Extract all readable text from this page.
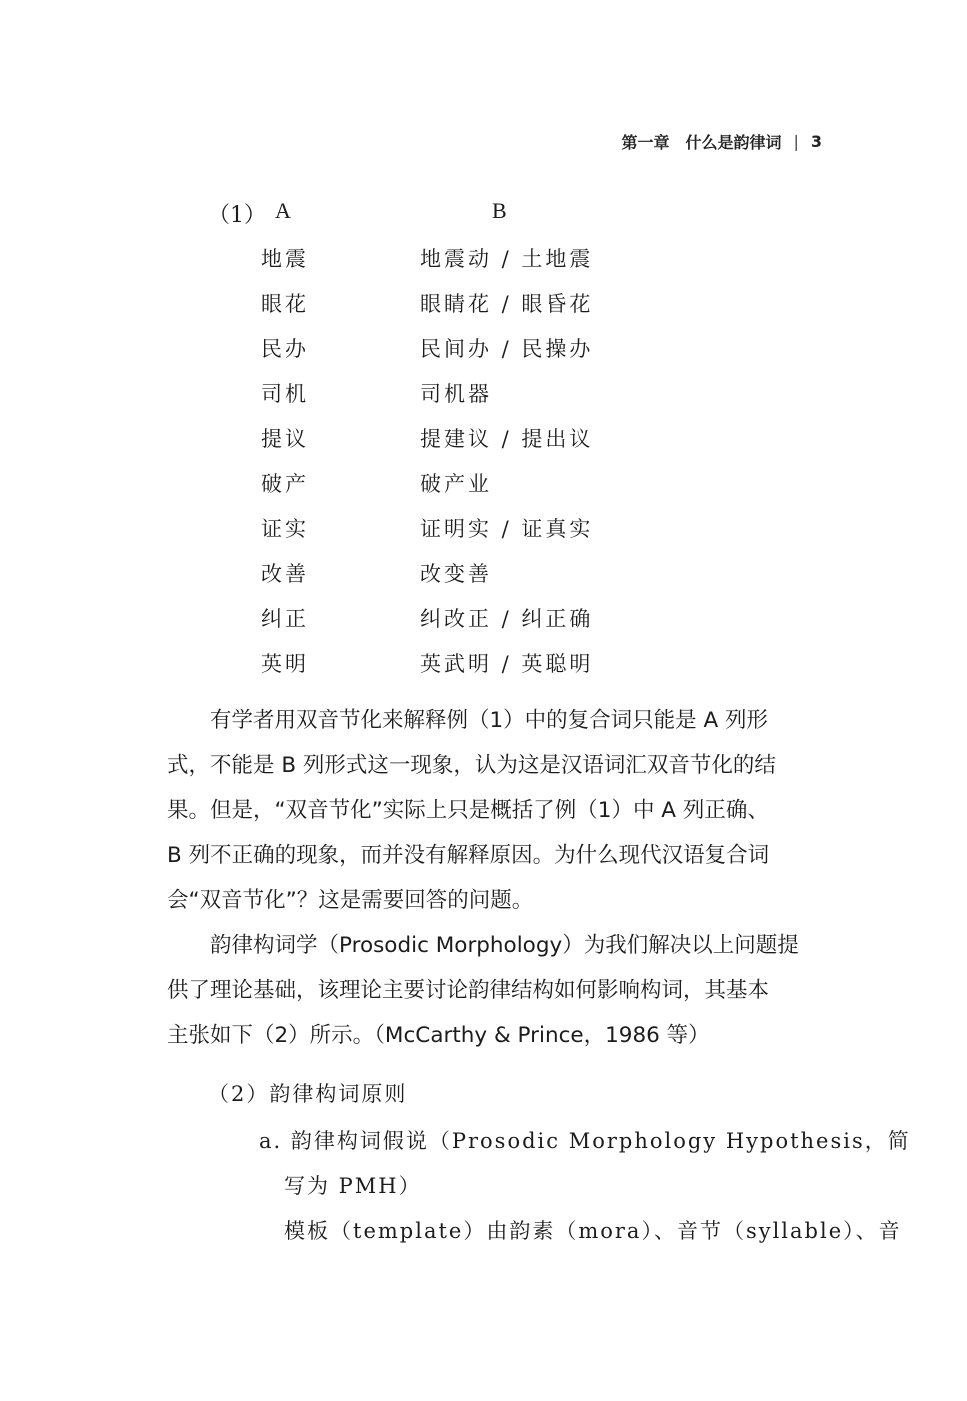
第一章 什么是韵律词 | 3
（1） A	B
地震	地震动 / 土地震
眼花	眼睛花 / 眼昏花
民办	民间办 / 民操办
司机	司机器
提议	提建议 / 提出议
破产	破产业
证实	证明实 / 证真实
改善	改变善
纠正	纠改正 / 纠正确
英明	英武明 / 英聪明
　　有学者用双音节化来解释例（1）中的复合词只能是 A 列形
式，不能是 B 列形式这一现象，认为这是汉语词汇双音节化的结
果。但是，“双音节化”实际上只是概括了例（1）中 A 列正确、
B 列不正确的现象，而并没有解释原因。为什么现代汉语复合词
会“双音节化”？这是需要回答的问题。
　　韵律构词学（Prosodic Morphology）为我们解决以上问题提
供了理论基础，该理论主要讨论韵律结构如何影响构词，其基本
主张如下（2）所示。（McCarthy & Prince，1986 等）
（2）韵律构词原则
a. 韵律构词假说（Prosodic Morphology Hypothesis，简
写为 PMH）
模板（template）由韵素（mora）、音节（syllable）、音
